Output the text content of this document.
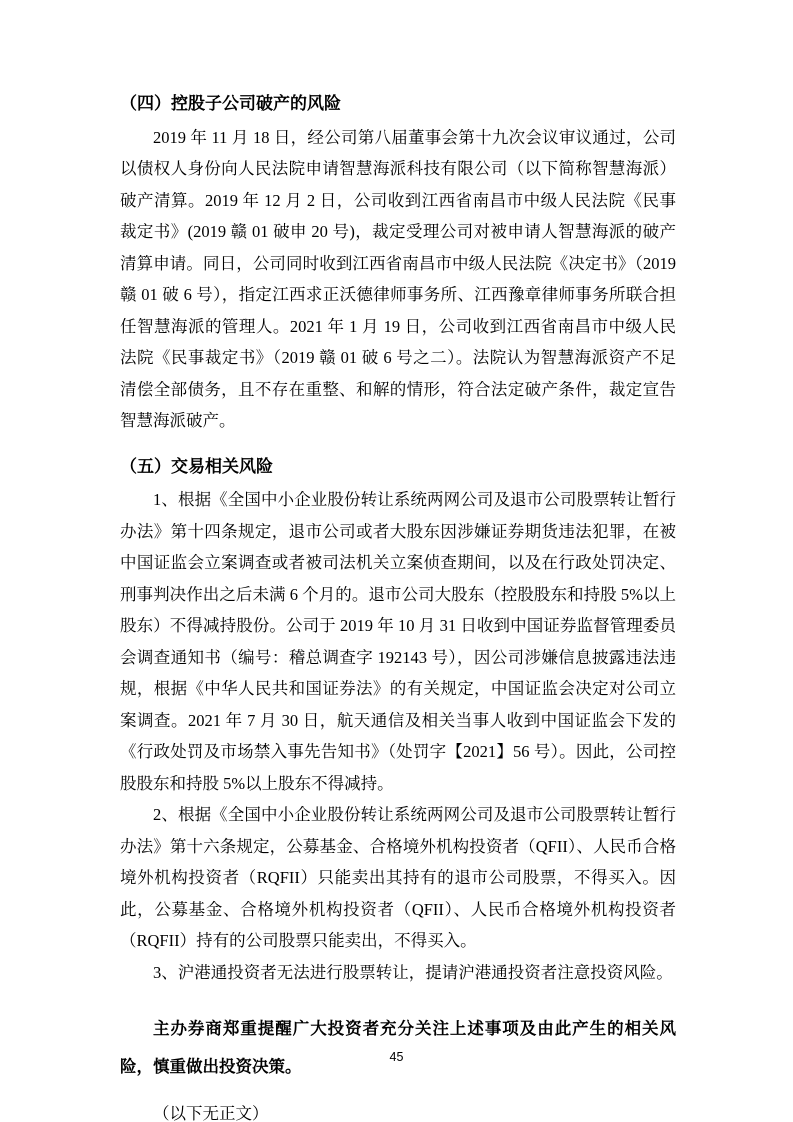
（四）控股子公司破产的风险

2019 年 11 月 18 日，经公司第八届董事会第十九次会议审议通过，公司以债权人身份向人民法院申请智慧海派科技有限公司（以下简称智慧海派）破产清算。2019 年 12 月 2 日，公司收到江西省南昌市中级人民法院《民事裁定书》(2019 赣 01 破申 20 号)，裁定受理公司对被申请人智慧海派的破产清算申请。同日，公司同时收到江西省南昌市中级人民法院《决定书》（2019 赣 01 破 6 号），指定江西求正沃德律师事务所、江西豫章律师事务所联合担任智慧海派的管理人。2021 年 1 月 19 日，公司收到江西省南昌市中级人民法院《民事裁定书》（2019 赣 01 破 6 号之二）。法院认为智慧海派资产不足清偿全部债务，且不存在重整、和解的情形，符合法定破产条件，裁定宣告智慧海派破产。

（五）交易相关风险

1、根据《全国中小企业股份转让系统两网公司及退市公司股票转让暂行办法》第十四条规定，退市公司或者大股东因涉嫌证券期货违法犯罪，在被中国证监会立案调查或者被司法机关立案侦查期间，以及在行政处罚决定、刑事判决作出之后未满 6 个月的。退市公司大股东（控股股东和持股 5%以上股东）不得减持股份。公司于 2019 年 10 月 31 日收到中国证券监督管理委员会调查通知书（编号：稽总调查字 192143 号），因公司涉嫌信息披露违法违规，根据《中华人民共和国证券法》的有关规定，中国证监会决定对公司立案调查。2021 年 7 月 30 日，航天通信及相关当事人收到中国证监会下发的《行政处罚及市场禁入事先告知书》（处罚字【2021】56 号）。因此，公司控股股东和持股 5%以上股东不得减持。

2、根据《全国中小企业股份转让系统两网公司及退市公司股票转让暂行办法》第十六条规定，公募基金、合格境外机构投资者（QFII）、人民币合格境外机构投资者（RQFII）只能卖出其持有的退市公司股票，不得买入。因此，公募基金、合格境外机构投资者（QFII）、人民币合格境外机构投资者（RQFII）持有的公司股票只能卖出，不得买入。

3、沪港通投资者无法进行股票转让，提请沪港通投资者注意投资风险。

主办券商郑重提醒广大投资者充分关注上述事项及由此产生的相关风险，慎重做出投资决策。

（以下无正文）

45
